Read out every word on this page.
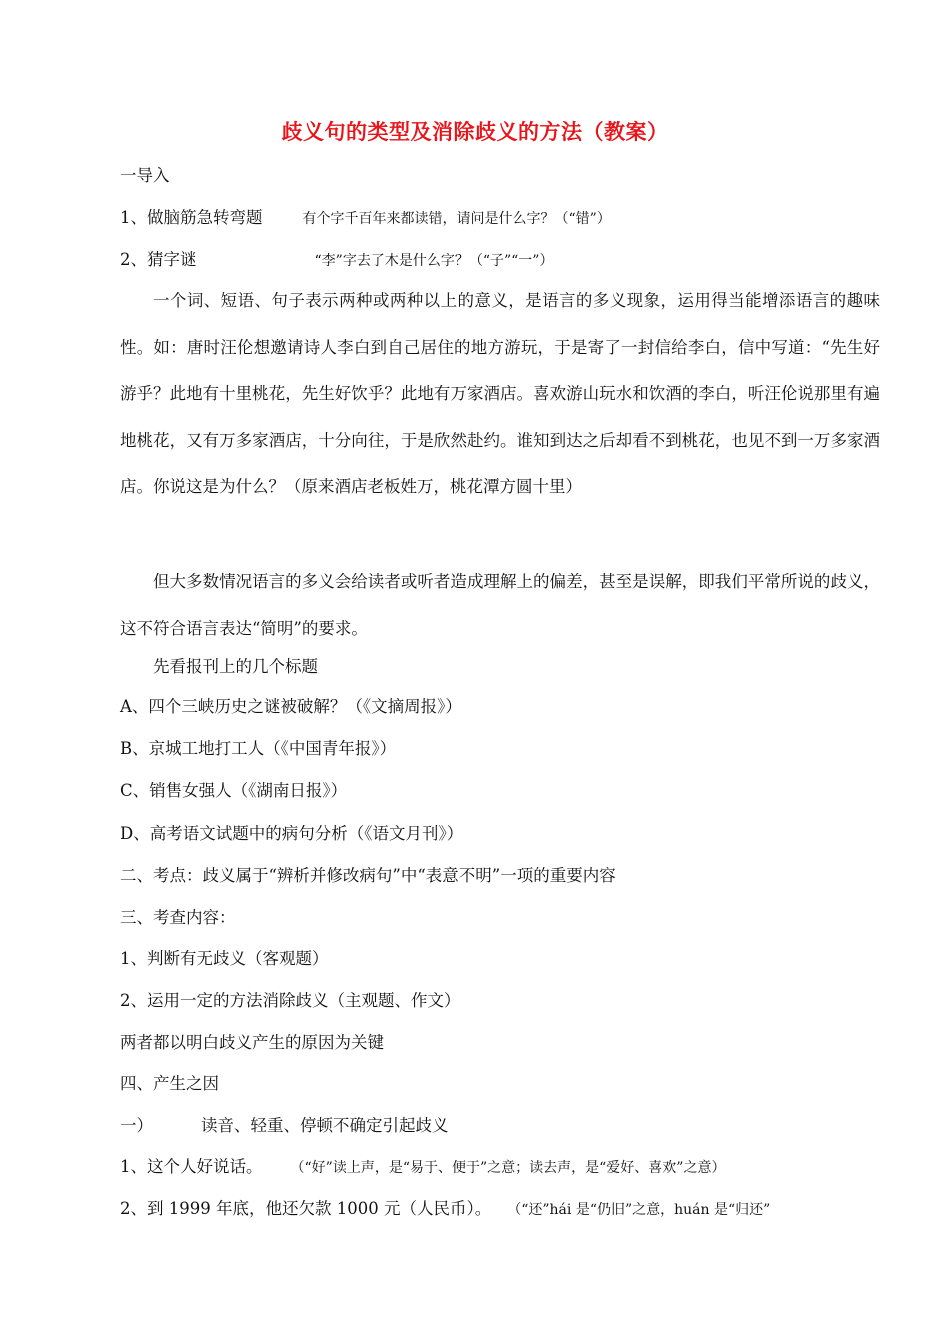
歧义句的类型及消除歧义的方法（教案）
一导入
1、做脑筋急转弯题	有个字千百年来都读错，请问是什么字？（“错”）
2、猜字谜	“李”字去了木是什么字？（“子”“一”）
一个词、短语、句子表示两种或两种以上的意义，是语言的多义现象，运用得当能增添语言的趣味性。如：唐时汪伦想邀请诗人李白到自己居住的地方游玩，于是寄了一封信给李白，信中写道：“先生好游乎？此地有十里桃花，先生好饮乎？此地有万家酒店。喜欢游山玩水和饮酒的李白，听汪伦说那里有遍地桃花，又有万多家酒店，十分向往，于是欣然赴约。谁知到达之后却看不到桃花，也见不到一万多家酒店。你说这是为什么？（原来酒店老板姓万，桃花潭方圆十里）
但大多数情况语言的多义会给读者或听者造成理解上的偏差，甚至是误解，即我们平常所说的歧义，这不符合语言表达“简明”的要求。
先看报刊上的几个标题
A、四个三峡历史之谜被破解？（《文摘周报》）
B、京城工地打工人（《中国青年报》）
C、销售女强人（《湖南日报》）
D、高考语文试题中的病句分析（《语文月刊》）
二、考点：歧义属于“辨析并修改病句”中“表意不明”一项的重要内容
三、考查内容：
1、判断有无歧义（客观题）
2、运用一定的方法消除歧义（主观题、作文）
两者都以明白歧义产生的原因为关键
四、产生之因
一）	读音、轻重、停顿不确定引起歧义
1、这个人好说话。 （“好”读上声，是“易于、便于”之意；读去声，是“爱好、喜欢”之意）
2、到 1999 年底，他还欠款 1000 元（人民币）。 （“还”hái 是“仍旧”之意，huán 是“归还”
